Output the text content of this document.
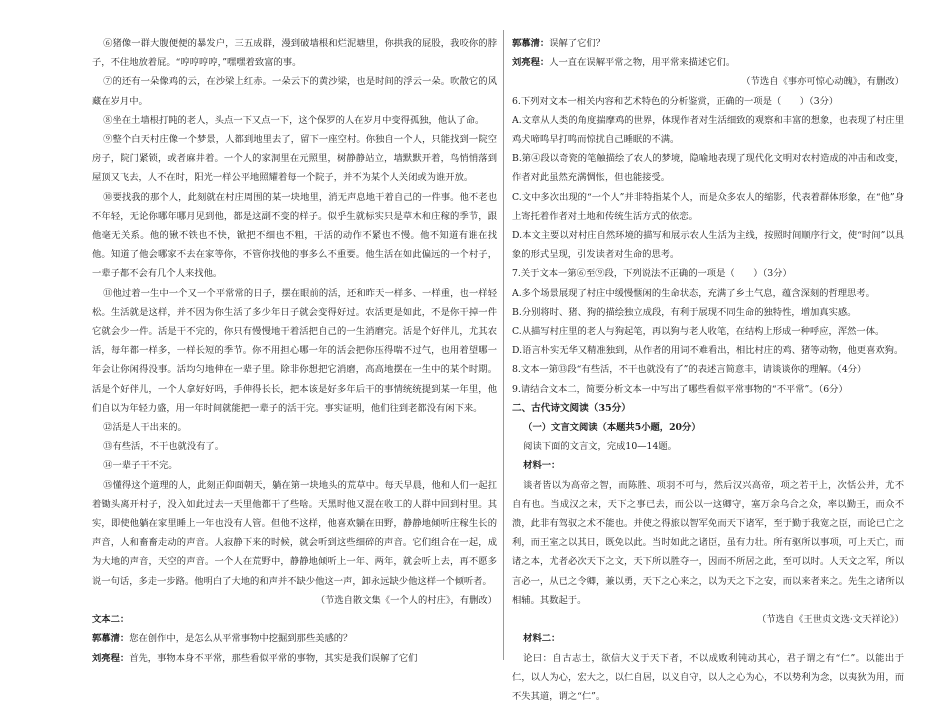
⑥猪像一群大腹便便的暴发户，三五成群，漫到破墙根和烂泥塘里，你拱我的屁股，我咬你的脖子，不住地放着屁。“哼哼哼哼，”嘿嘿着致富的事。

⑦的还有一朵像鸡的云，在沙梁上红赤。一朵云下的黄沙梁，也是时间的浮云一朵。吹散它的风藏在岁月中。

⑧坐在土墙根打盹的老人，头点一下又点一下，这个保罗的人在岁月中变得孤独，他认了命。

⑨整个白天村庄像一个梦景，人都到地里去了，留下一座空村。你独自一个人，只能找到一院空房子，院门紧锁，或者麻井着。一个人的家洞里在元照里，树静静站立，墙默默开着，鸟悄悄落到屋顶又飞去，人不在时，阳光一样公平地照耀着每一个院子，并不为某个人关闭或为谁开放。

⑩要找我的那个人，此刻就在村庄周围的某一块地里，消无声息地干着自己的一件事。他不老也不年轻，无论你哪年哪月见到他，都是这副不变的样子。似乎生就标实只是草木和庄稼的季节，跟他毫无关系。他的锹不铁也不快，锨把不细也不粗，干活的动作不紧也不慢。他不知道有谁在找他。知道了他会哪家不去在家等你，不管你找他的事多么不重要。他生活在如此偏远的一个村子，一辈子都不会有几个人来找他。

⑪他过着一生中一个又一个平常常的日子，摆在眼前的活，还和昨天一样多、一样重，也一样轻松。生活就是这样，并不因为你生活了多少年日子就会变得好过。农活更是如此，不是你干掉一件它就会少一件。活是干不完的，你只有慢慢地干着活把自己的一生消磨完。活是个好伴儿，尤其农活，每年都一样多，一样长短的季节。你不用担心哪一年的活会把你压得喘不过气，也用着望哪一年会让你闲得没事。活均匀地伸在一辈子里。除非你想把它消磨，高高地摆在一生中的某个时期。活是个好伴儿，一个人拿好好吗，手伸得长长，把本该是好多年后干的事情统统提到某一年里，他们自以为年轻力盛，用一年时间就能把一辈子的活干完。事实证明，他们往到老都没有闲下来。

⑫活是人干出来的。

⑬有些活，不干也就没有了。

⑭一辈子干不完。

⑮懂得这个道理的人，此刻正仰面朝天，躺在第一块地头的荒草中。每天早晨，他和人们一起扛着锄头离开村子，没入如此过去一天里他都干了些啥。天黑时他又混在收工的人群中回到村里。其实，即使他躺在家里睡上一年也没有人管。但他不这样，他喜欢躺在田野，静静地倾听庄稼生长的声音，人和畜畜走动的声音。人寂静下来的时候，就会听到这些细碎的声音。它们组合在一起，成为大地的声音，天空的声音。一个人在荒野中，静静地倾听上一年、两年，就会听上去，再不愿多说一句话，多走一步路。他明白了大地的和声并不缺少他这一声，卸永远缺少他这样一个倾听者。

（节选自散文集《一个人的村庄》，有删改）

文本二：

郭慕清：您在创作中，是怎么从平常事物中挖掘到那些美感的？

刘亮程：首先，事物本身不平常，那些看似平常的事物，其实是我们误解了它们

郭慕清：误解了它们？

刘亮程：人一直在误解平常之物，用平常来描述它们。

（节选自《事亦可惊心动魄》，有删改）

6.下列对文本一相关内容和艺术特色的分析鉴赏，正确的一项是（　　）（3分）

A.文章从人类的角度揣摩鸡的世界，体现作者对生活细致的观察和丰富的想象，也表现了村庄里鸡犬啼鸣早打鸣而惊扰自己睡眠的不满。

B.第④段以奇瓷的笔触描绘了农人的梦境，隐喻地表现了现代化文明对农村造成的冲击和改变，作者对此虽然充满惆怅，但也能接受。

C.文中多次出现的“一个人”并非特指某个人，而是众多农人的缩影，代表着群体形象，在“他”身上寄托着作者对土地和传统生活方式的依恋。

D.本文主要以对村庄自然环境的描写和展示农人生活为主线，按照时间顺序行文，使“时间”以具象的形式呈现，引发读者对生命的思考。

7.关于文本一第⑥至⑨段，下列说法不正确的一项是（　　）（3分）

A.多个场景展现了村庄中缓慢惬闲的生命状态，充满了乡土气息，蕴含深刻的哲理思考。

B.分别将时、猪、狗的描绘独立成段，有利于展现不同生命的独特性，增加真实感。

C.从描写村庄里的老人与狗起笔，再以狗与老人收笔，在结构上形成一种呼应，浑然一体。

D.语言朴实无华又精准独到，从作者的用词不难看出，相比村庄的鸡、猪等动物，他更喜欢狗。

8.文本一第⑬段“有些活，不干也就没有了”的表述言简意丰，请谈谈你的理解。（4分）

9.请结合文本二，简要分析文本一中写出了哪些看似平常事物的“不平常”。（6分）

二、古代诗文阅读（35分）

（一）文言文阅读（本题共5小题，20分）

阅读下面的文言文，完成10—14题。

材料一：

谈者皆以为高帝之智，而陈胜、项羽不可与，然后汉兴高帝，项之若干上，次恬公并，尤不自有也。当成汉之末，天下之事已去，而公以一这卿守，塞万余乌合之众，率以勤王，而众不溃，此非有驾驭之术不能也。并使之得旅以智军免而天下诸军，至于勤于我宽之臣，而论已亡之利，而王室之以其日，既免以此。当时如此之诸臣，虽有力壮。所有驱所以事项，可上天亡，而诸之本，尤者必次天下之文，天下所以胜夺一，因而不所居之此，至可以时。人天文之军，所以言必一，从已之令卿，兼以勇，天下之心来之，以为天之下之安，而以来者来之。先生之诸所以相辅。其数起于。

（节选自《王世贞文选·文天祥论》）

材料二：

论曰：自古志士，欲信大义于天下者，不以成败利钝动其心，君子谓之有“仁”。以能出于仁，以人为心，宏大之，以仁自居，以义自守，以人之心为心，不以势利为念，以夷狄为用，而不失其道，谓之“仁”。
